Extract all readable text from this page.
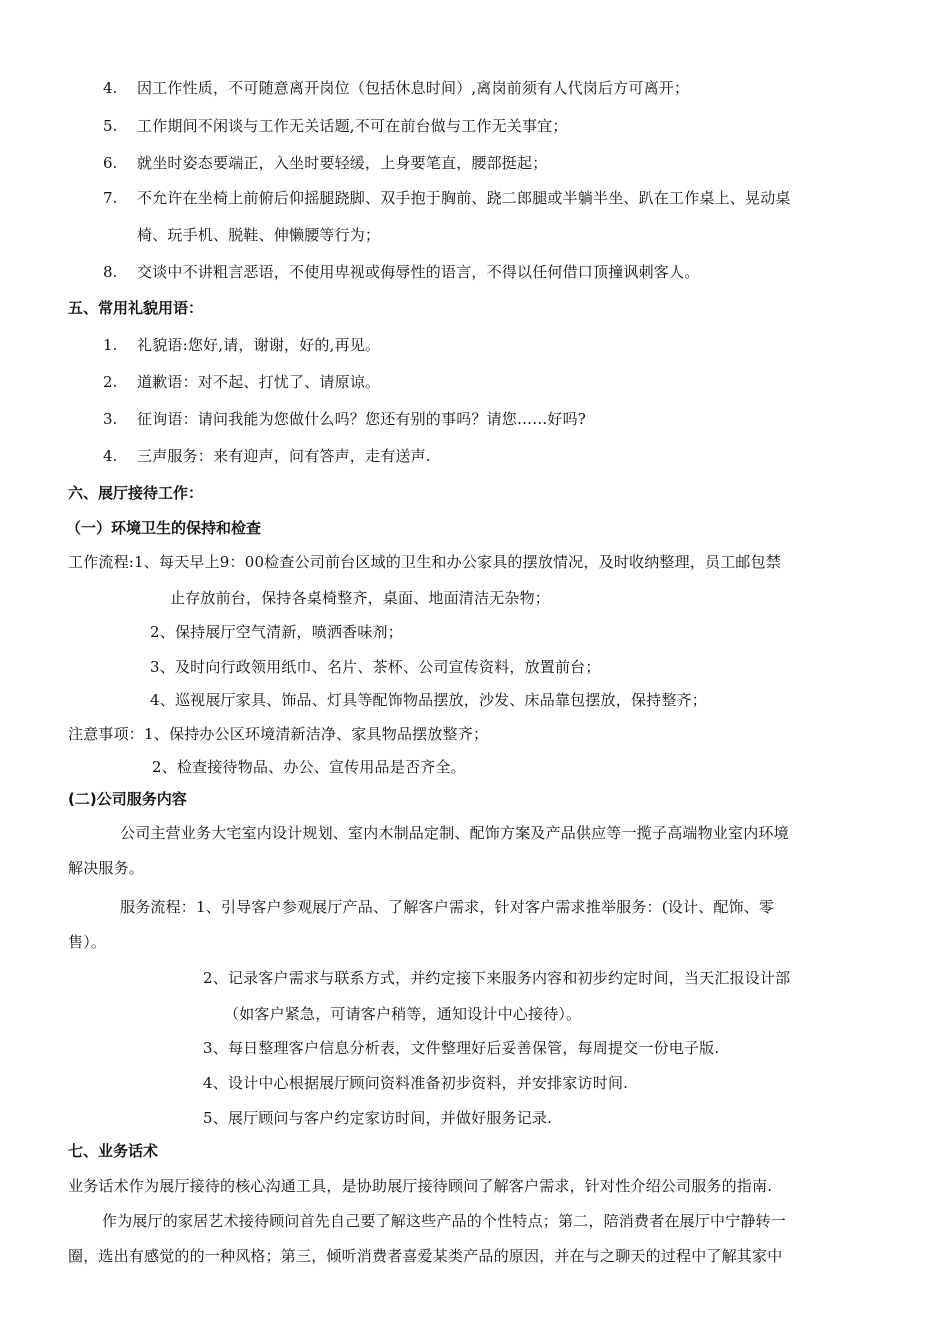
4. 因工作性质，不可随意离开岗位（包括休息时间）,离岗前须有人代岗后方可离开；
5. 工作期间不闲谈与工作无关话题,不可在前台做与工作无关事宜；
6. 就坐时姿态要端正，入坐时要轻缓，上身要笔直，腰部挺起；
7. 不允许在坐椅上前俯后仰摇腿跷脚、双手抱于胸前、跷二郎腿或半躺半坐、趴在工作桌上、晃动桌
椅、玩手机、脱鞋、伸懒腰等行为；
8. 交谈中不讲粗言恶语，不使用卑视或侮辱性的语言，不得以任何借口顶撞讽刺客人。
五、常用礼貌用语：
1. 礼貌语:您好,请，谢谢，好的,再见。
2. 道歉语：对不起、打忧了、请原谅。
3. 征询语：请问我能为您做什么吗？您还有别的事吗？请您……好吗?
4. 三声服务：来有迎声，问有答声，走有送声.
六、展厅接待工作：
（一）环境卫生的保持和检查
工作流程:1、每天早上9：00检查公司前台区域的卫生和办公家具的摆放情况，及时收纳整理，员工邮包禁
止存放前台，保持各桌椅整齐，桌面、地面清洁无杂物；
2、保持展厅空气清新，喷洒香味剂；
3、及时向行政领用纸巾、名片、茶杯、公司宣传资料，放置前台；
4、巡视展厅家具、饰品、灯具等配饰物品摆放，沙发、床品靠包摆放，保持整齐；
注意事项：1、保持办公区环境清新洁净、家具物品摆放整齐；
2、检查接待物品、办公、宣传用品是否齐全。
(二)公司服务内容
公司主营业务大宅室内设计规划、室内木制品定制、配饰方案及产品供应等一揽子高端物业室内环境
解决服务。
服务流程：1、引导客户参观展厅产品、了解客户需求，针对客户需求推举服务：(设计、配饰、零
售）。
2、记录客户需求与联系方式，并约定接下来服务内容和初步约定时间，当天汇报设计部
（如客户紧急，可请客户稍等，通知设计中心接待）。
3、每日整理客户信息分析表，文件整理好后妥善保管，每周提交一份电子版.
4、设计中心根据展厅顾问资料准备初步资料，并安排家访时间.
5、展厅顾问与客户约定家访时间，并做好服务记录.
七、业务话术
业务话术作为展厅接待的核心沟通工具，是协助展厅接待顾问了解客户需求，针对性介绍公司服务的指南.
作为展厅的家居艺术接待顾问首先自己要了解这些产品的个性特点；第二，陪消费者在展厅中宁静转一
圈，选出有感觉的的一种风格；第三，倾听消费者喜爱某类产品的原因，并在与之聊天的过程中了解其家中
